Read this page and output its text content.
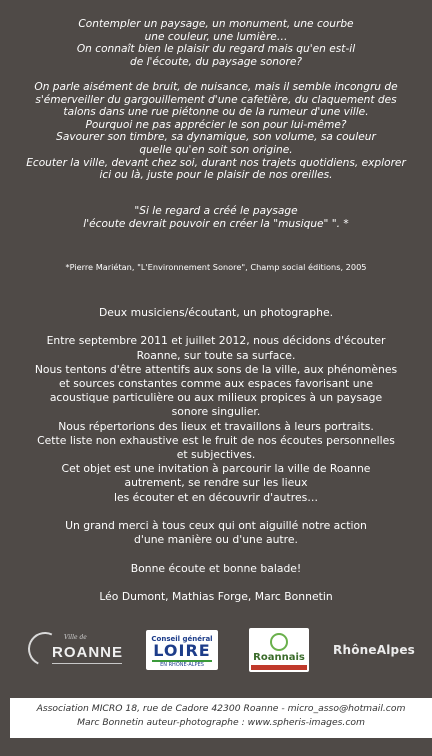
Contempler un paysage, un monument, une courbe
une couleur, une lumière…
On connaît bien le plaisir du regard mais qu'en est-il
de l'écoute, du paysage sonore?

On parle aisément de bruit, de nuisance, mais il semble incongru de
s'émerveiller du gargouillement d'une cafetière, du claquement des
talons dans une rue piétonne ou de la rumeur d'une ville.
Pourquoi ne pas apprécier le son pour lui-même?
Savourer son timbre, sa dynamique, son volume, sa couleur
quelle qu'en soit son origine.
Ecouter la ville, devant chez soi, durant nos trajets quotidiens, explorer
ici ou là, juste pour le plaisir de nos oreilles.

"Si le regard a créé le paysage
l'écoute devrait pouvoir en créer la "musique" ". *
*Pierre Mariétan, "L'Environnement Sonore", Champ social éditions, 2005

Deux musiciens/écoutant, un photographe.

Entre septembre 2011 et juillet 2012, nous décidons d'écouter
Roanne, sur toute sa surface.
Nous tentons d'être attentifs aux sons de la ville, aux phénomènes
et sources constantes comme aux espaces favorisant une
acoustique particulière ou aux milieux propices à un paysage
sonore singulier.
Nous répertorions des lieux et travaillons à leurs portraits.
Cette liste non exhaustive est le fruit de nos écoutes personnelles
et subjectives.
Cet objet est une invitation à parcourir la ville de Roanne
autrement, se rendre sur les lieux
les écouter et en découvrir d'autres…

Un grand merci à tous ceux qui ont aiguillé notre action
d'une manière ou d'une autre.

Bonne écoute et bonne balade!

Léo Dumont, Mathias Forge, Marc Bonnetin

Ville de
ROANNE
Conseil général
LOIRE
EN RHÔNE-ALPES
Roannais RhôneAlpes
Association MICRO 18, rue de Cadore 42300 Roanne - micro_asso@hotmail.com
Marc Bonnetin auteur-photographe : www.spheris-images.com
